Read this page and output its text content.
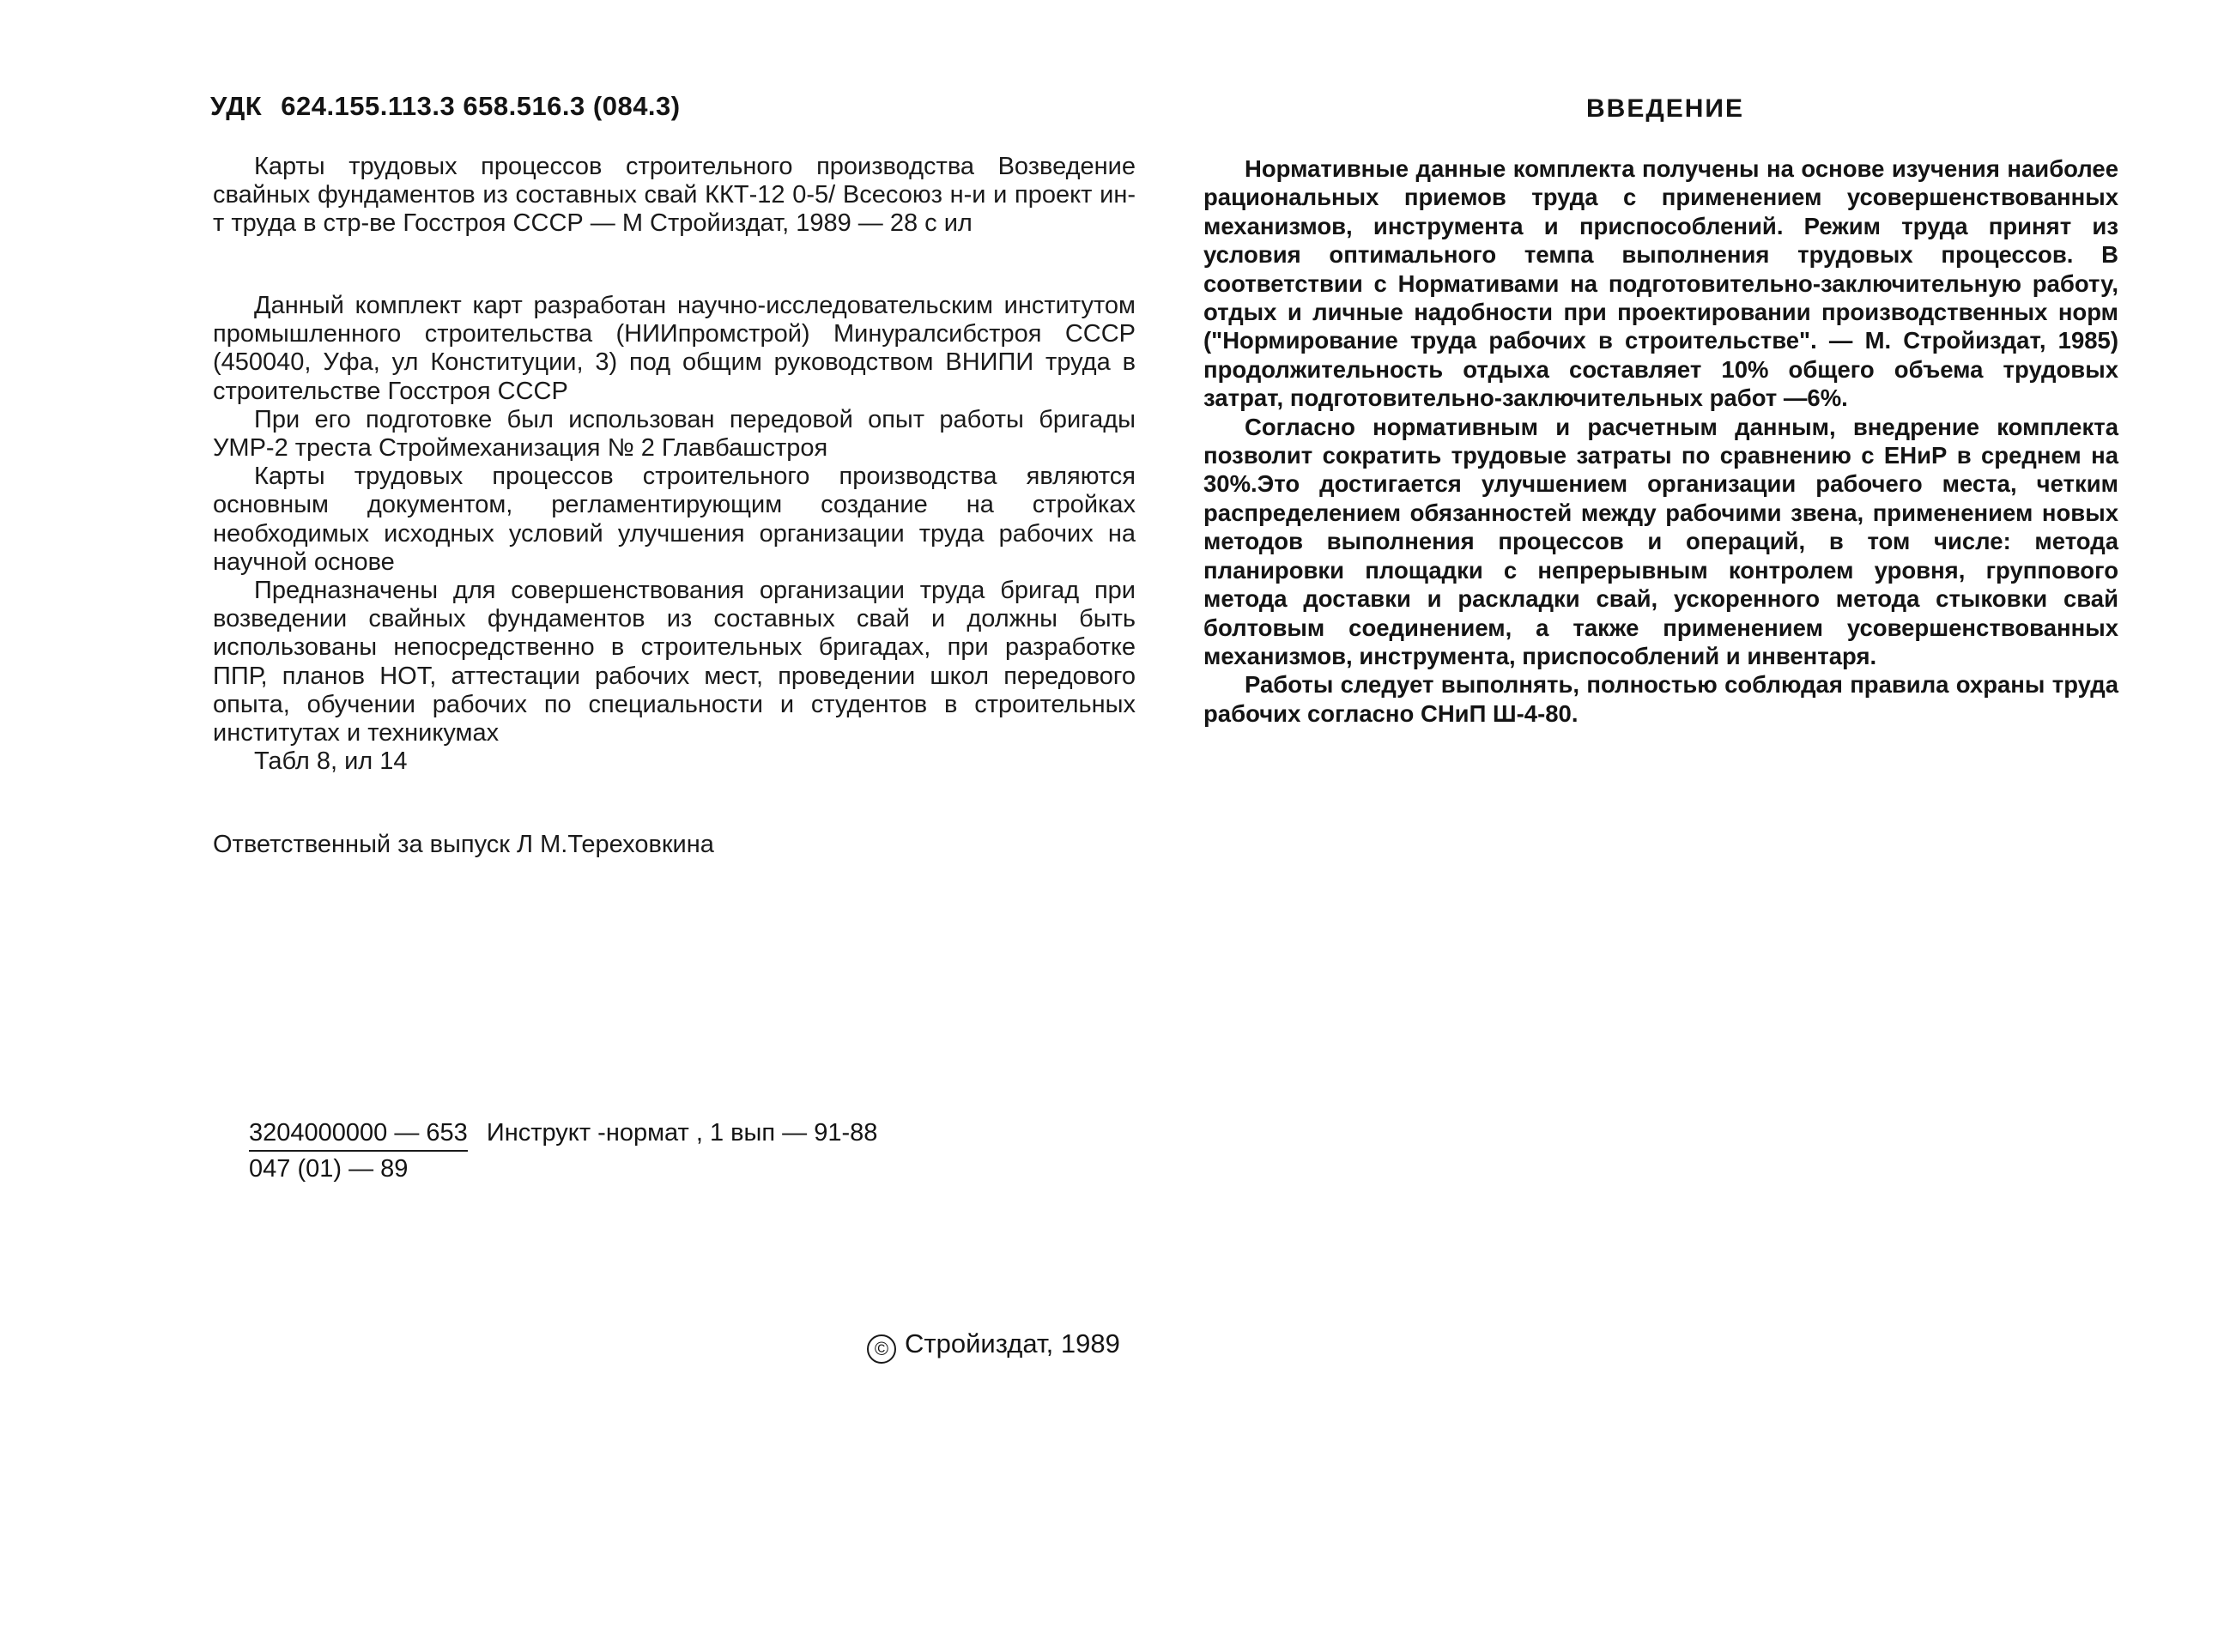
УДК 624.155.113.3 658.516.3 (084.3)

Карты трудовых процессов строительного производства Возведение свайных фундаментов из составных свай ККТ-12 0-5/ Всесоюз н-и и проект ин-т труда в стр-ве Госстроя СССР — М Стройиздат, 1989 — 28 с ил

Данный комплект карт разработан научно-исследовательским институтом промышленного строительства (НИИпромстрой) Минуралсибстроя СССР (450040, Уфа, ул Конституции, 3) под общим руководством ВНИПИ труда в строительстве Госстроя СССР

При его подготовке был использован передовой опыт работы бригады УМР-2 треста Строймеханизация № 2 Главбашстроя

Карты трудовых процессов строительного производства являются основным документом, регламентирующим создание на стройках необходимых исходных условий улучшения организации труда рабочих на научной основе

Предназначены для совершенствования организации труда бригад при возведении свайных фундаментов из составных свай и должны быть использованы непосредственно в строительных бригадах, при разработке ППР, планов НОТ, аттестации рабочих мест, проведении школ передового опыта, обучении рабочих по специальности и студентов в строительных институтах и техникумах

Табл 8, ил 14

Ответственный за выпуск Л М.Тереховкина
3204000000 — 653 Инструкт -нормат , 1 вып — 91-88
047 (01) — 89
© Стройиздат, 1989
ВВЕДЕНИЕ

Нормативные данные комплекта получены на основе изучения наиболее рациональных приемов труда с применением усовершенствованных механизмов, инструмента и приспособлений. Режим труда принят из условия оптимального темпа выполнения трудовых процессов. В соответствии с Нормативами на подготовительно-заключительную работу, отдых и личные надобности при проектировании производственных норм ("Нормирование труда рабочих в строительстве". — М. Стройиздат, 1985) продолжительность отдыха составляет 10% общего объема трудовых затрат, подготовительно-заключительных работ —6%.

Согласно нормативным и расчетным данным, внедрение комплекта позволит сократить трудовые затраты по сравнению с ЕНиР в среднем на 30%.Это достигается улучшением организации рабочего места, четким распределением обязанностей между рабочими звена, применением новых методов выполнения процессов и операций, в том числе: метода планировки площадки с непрерывным контролем уровня, группового метода доставки и раскладки свай, ускоренного метода стыковки свай болтовым соединением, а также применением усовершенствованных механизмов, инструмента, приспособлений и инвентаря.

Работы следует выполнять, полностью соблюдая правила охраны труда рабочих согласно СНиП Ш-4-80.
